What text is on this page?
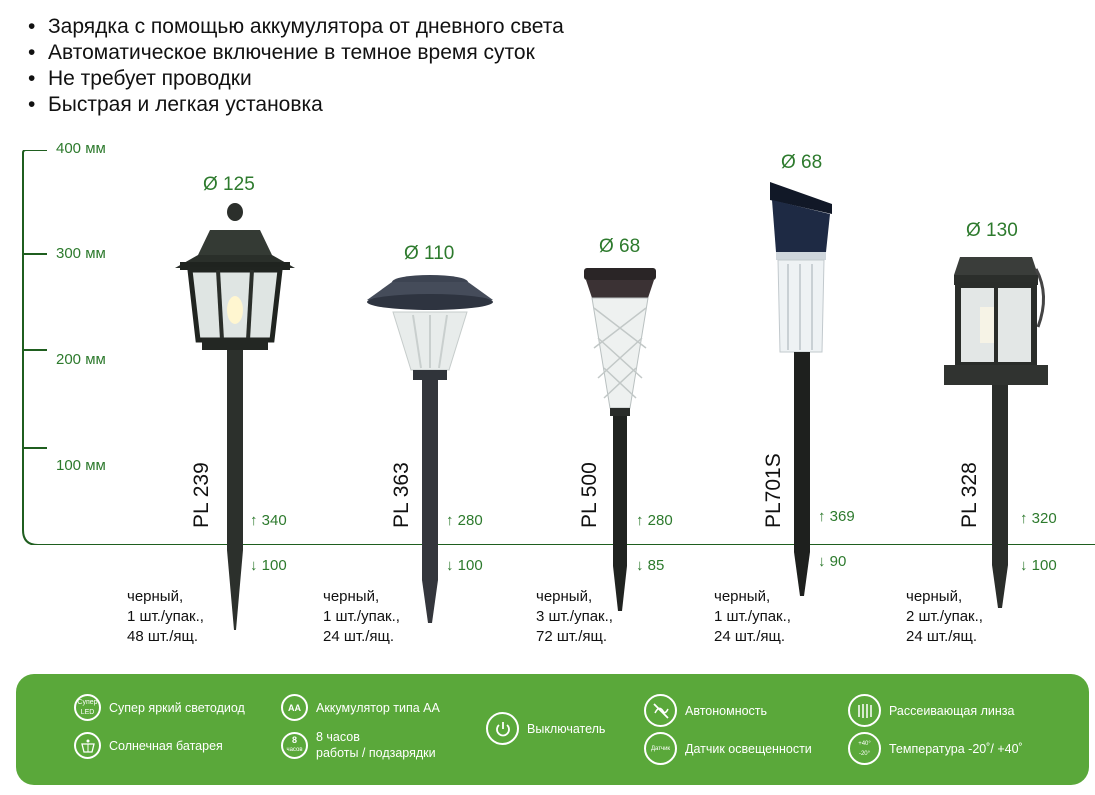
• Зарядка с помощью аккумулятора от дневного света
• Автоматическое включение в темное время суток
• Не требует проводки
• Быстрая и легкая установка
400 мм
300 мм
200 мм
100 мм
Ø 125
PL 239 ↑ 340
↓ 100
черный,
1 шт./упак.,
48 шт./ящ.
Ø 110
PL 363 ↑ 280
↓ 100
черный,
1 шт./упак.,
24 шт./ящ.
Ø 68
PL 500 ↑ 280
↓ 85
черный,
3 шт./упак.,
72 шт./ящ.
Ø 68
PL701S ↑ 369
↓ 90
черный,
1 шт./упак.,
24 шт./ящ.
Ø 130
PL 328	↑ 320
↓ 100
черный,
2 шт./упак.,
24 шт./ящ.
Супер
LED Супер яркий светодиод
Солнечная батарея
AA	Аккумулятор типа АА
8
часов
8 часов
работы / подзарядки
Выключатель
Автономность
Датчик	Датчик освещенности
Рассеивающая линза
+40°
-20° Температура -20˚/ +40˚
